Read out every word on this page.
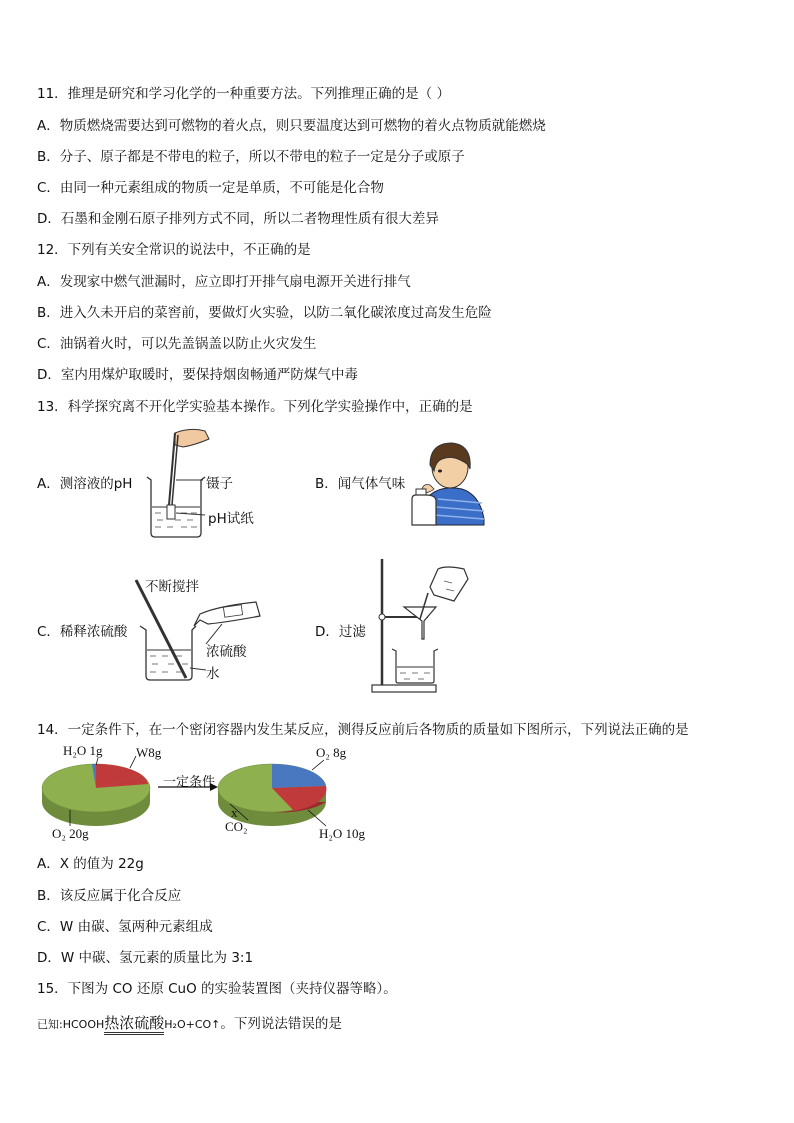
11．推理是研究和学习化学的一种重要方法。下列推理正确的是（ ）
A．物质燃烧需要达到可燃物的着火点，则只要温度达到可燃物的着火点物质就能燃烧
B．分子、原子都是不带电的粒子，所以不带电的粒子一定是分子或原子
C．由同一种元素组成的物质一定是单质，不可能是化合物
D．石墨和金刚石原子排列方式不同，所以二者物理性质有很大差异
12．下列有关安全常识的说法中，不正确的是
A．发现家中燃气泄漏时，应立即打开排气扇电源开关进行排气
B．进入久未开启的菜窖前，要做灯火实验，以防二氧化碳浓度过高发生危险
C．油锅着火时，可以先盖锅盖以防止火灾发生
D．室内用煤炉取暖时，要保持烟囱畅通严防煤气中毒
13．科学探究离不开化学实验基本操作。下列化学实验操作中，正确的是
A．测溶液的pH	镊子
pH试纸
B．闻气体气味
C．稀释浓硫酸
不断搅拌
浓硫酸
水
D．过滤
14．一定条件下，在一个密闭容器内发生某反应，测得反应前后各物质的质量如下图所示，下列说法正确的是
H₂O 1g	W8g
O₂ 20g
一定条件
O₂ 8g
x
CO₂	H₂O 10g
A．X 的值为 22g
B．该反应属于化合反应
C．W 由碳、氢两种元素组成
D．W 中碳、氢元素的质量比为 3:1
15．下图为 CO 还原 CuO 的实验装置图（夹持仪器等略）。
已知:HCOOH热浓硫酸H₂O+CO↑。下列说法错误的是
